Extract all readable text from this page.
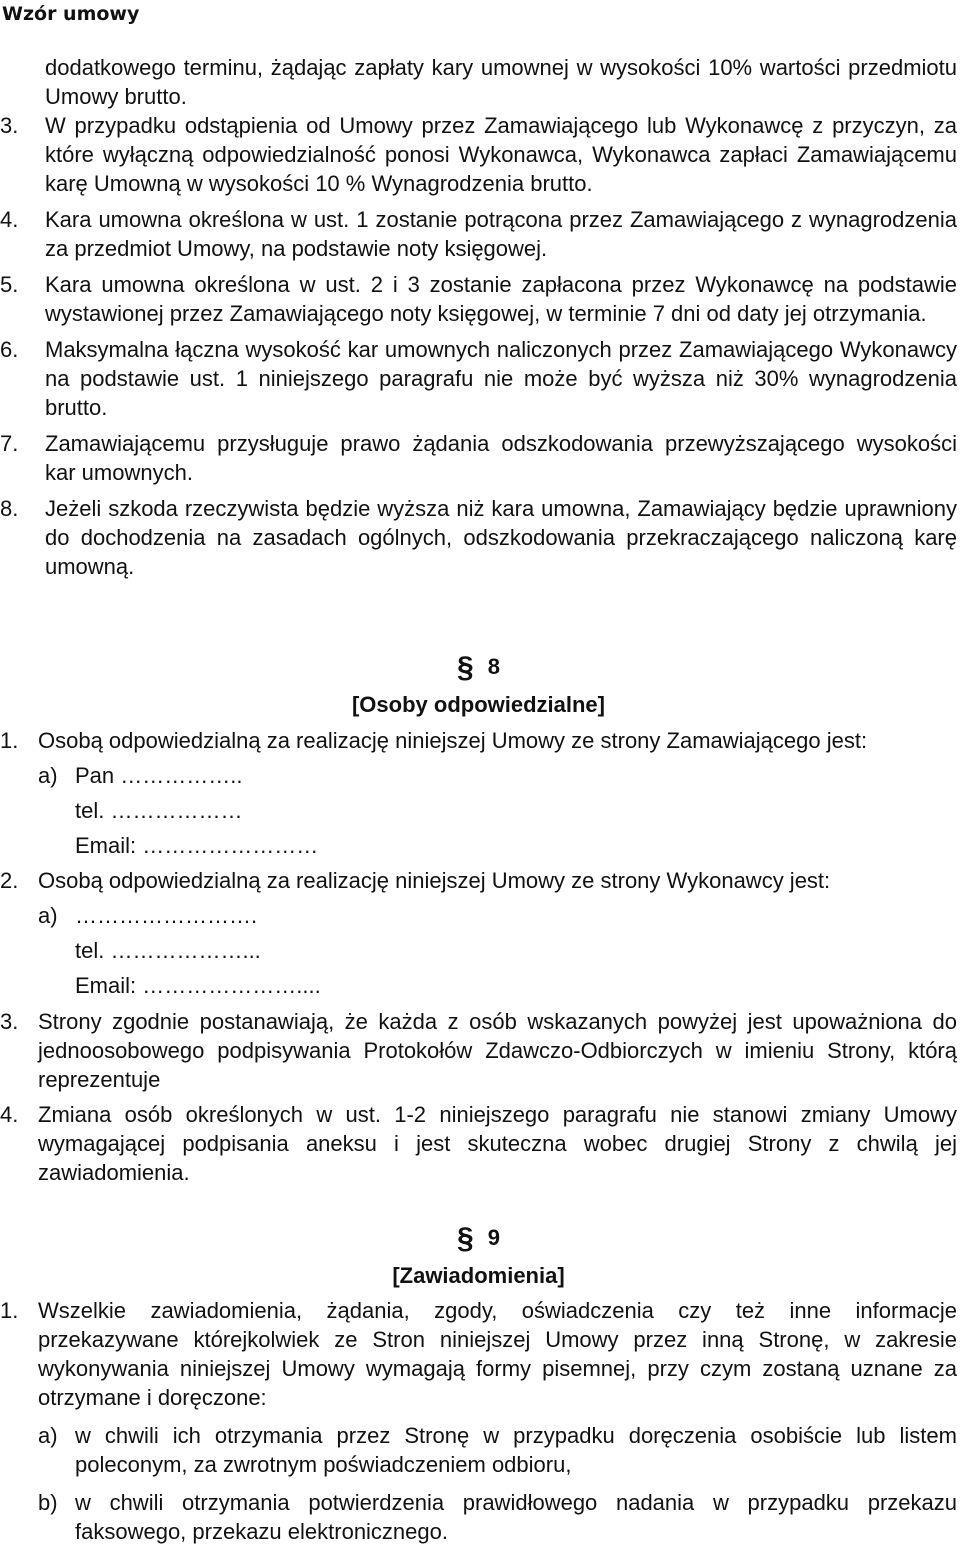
Wzór umowy

dodatkowego terminu, żądając zapłaty kary umownej w wysokości 10% wartości przedmiotu Umowy brutto.

3.	W przypadku odstąpienia od Umowy przez Zamawiającego lub Wykonawcę z przyczyn, za które wyłączną odpowiedzialność ponosi Wykonawca, Wykonawca zapłaci Zamawiającemu karę Umowną w wysokości 10 % Wynagrodzenia brutto.
4.	Kara umowna określona w ust. 1 zostanie potrącona przez Zamawiającego z wynagrodzenia za przedmiot Umowy, na podstawie noty księgowej.
5.	Kara umowna określona w ust. 2 i 3 zostanie zapłacona przez Wykonawcę na podstawie wystawionej przez Zamawiającego noty księgowej, w terminie 7 dni od daty jej otrzymania.
6.	Maksymalna łączna wysokość kar umownych naliczonych przez Zamawiającego Wykonawcy na podstawie ust. 1 niniejszego paragrafu nie może być wyższa niż 30% wynagrodzenia brutto.
7.	Zamawiającemu przysługuje prawo żądania odszkodowania przewyższającego wysokości kar umownych.
8.	Jeżeli szkoda rzeczywista będzie wyższa niż kara umowna, Zamawiający będzie uprawniony do dochodzenia na zasadach ogólnych, odszkodowania przekraczającego naliczoną karę umowną.

§ 8

[Osoby odpowiedzialne]

1. Osobą odpowiedzialną za realizację niniejszej Umowy ze strony Zamawiającego jest:
a) Pan ……………..

tel. ………………

Email: ……………………

2. Osobą odpowiedzialną za realizację niniejszej Umowy ze strony Wykonawcy jest:
a) …………………….

tel. ………………...

Email: …………………....

3. Strony zgodnie postanawiają, że każda z osób wskazanych powyżej jest upoważniona do jednoosobowego podpisywania Protokołów Zdawczo-Odbiorczych w imieniu Strony, którą reprezentuje
4. Zmiana osób określonych w ust. 1-2 niniejszego paragrafu nie stanowi zmiany Umowy wymagającej podpisania aneksu i jest skuteczna wobec drugiej Strony z chwilą jej zawiadomienia.

§ 9

[Zawiadomienia]

1. Wszelkie zawiadomienia, żądania, zgody, oświadczenia czy też inne informacje przekazywane którejkolwiek ze Stron niniejszej Umowy przez inną Stronę, w zakresie wykonywania niniejszej Umowy wymagają formy pisemnej, przy czym zostaną uznane za otrzymane i doręczone:
a) w chwili ich otrzymania przez Stronę w przypadku doręczenia osobiście lub listem poleconym, za zwrotnym poświadczeniem odbioru,
b) w chwili otrzymania potwierdzenia prawidłowego nadania w przypadku przekazu faksowego, przekazu elektronicznego.
